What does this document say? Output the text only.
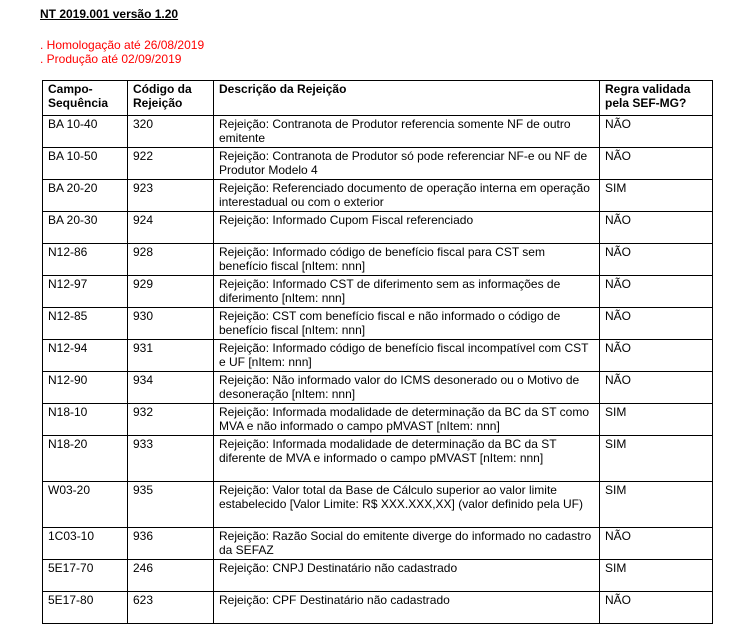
NT 2019.001 versão 1.20
. Homologação até 26/08/2019
. Produção até 02/09/2019
Campo-Sequência	Código da Rejeição	Descrição da Rejeição	Regra validada pela SEF-MG?
BA 10-40	320	Rejeição: Contranota de Produtor referencia somente NF de outro emitente	NÃO
BA 10-50	922	Rejeição: Contranota de Produtor só pode referenciar NF-e ou NF de Produtor Modelo 4	NÃO
BA 20-20	923	Rejeição: Referenciado documento de operação interna em operação interestadual ou com o exterior	SIM
BA 20-30	924	Rejeição: Informado Cupom Fiscal referenciado	NÃO
N12-86	928	Rejeição: Informado código de benefício fiscal para CST sem benefício fiscal [nItem: nnn]	NÃO
N12-97	929	Rejeição: Informado CST de diferimento sem as informações de diferimento [nItem: nnn]	NÃO
N12-85	930	Rejeição: CST com benefício fiscal e não informado o código de benefício fiscal [nItem: nnn]	NÃO
N12-94	931	Rejeição: Informado código de benefício fiscal incompatível com CST e UF [nItem: nnn]	NÃO
N12-90	934	Rejeição: Não informado valor do ICMS desonerado ou o Motivo de desoneração [nItem: nnn]	NÃO
N18-10	932	Rejeição: Informada modalidade de determinação da BC da ST como MVA e não informado o campo pMVAST [nItem: nnn]	SIM
N18-20	933	Rejeição: Informada modalidade de determinação da BC da ST diferente de MVA e informado o campo pMVAST [nItem: nnn]	SIM
W03-20	935	Rejeição: Valor total da Base de Cálculo superior ao valor limite estabelecido [Valor Limite: R$ XXX.XXX,XX] (valor definido pela UF)	SIM
1C03-10	936	Rejeição: Razão Social do emitente diverge do informado no cadastro da SEFAZ	NÃO
5E17-70	246	Rejeição: CNPJ Destinatário não cadastrado	SIM
5E17-80	623	Rejeição: CPF Destinatário não cadastrado	NÃO
